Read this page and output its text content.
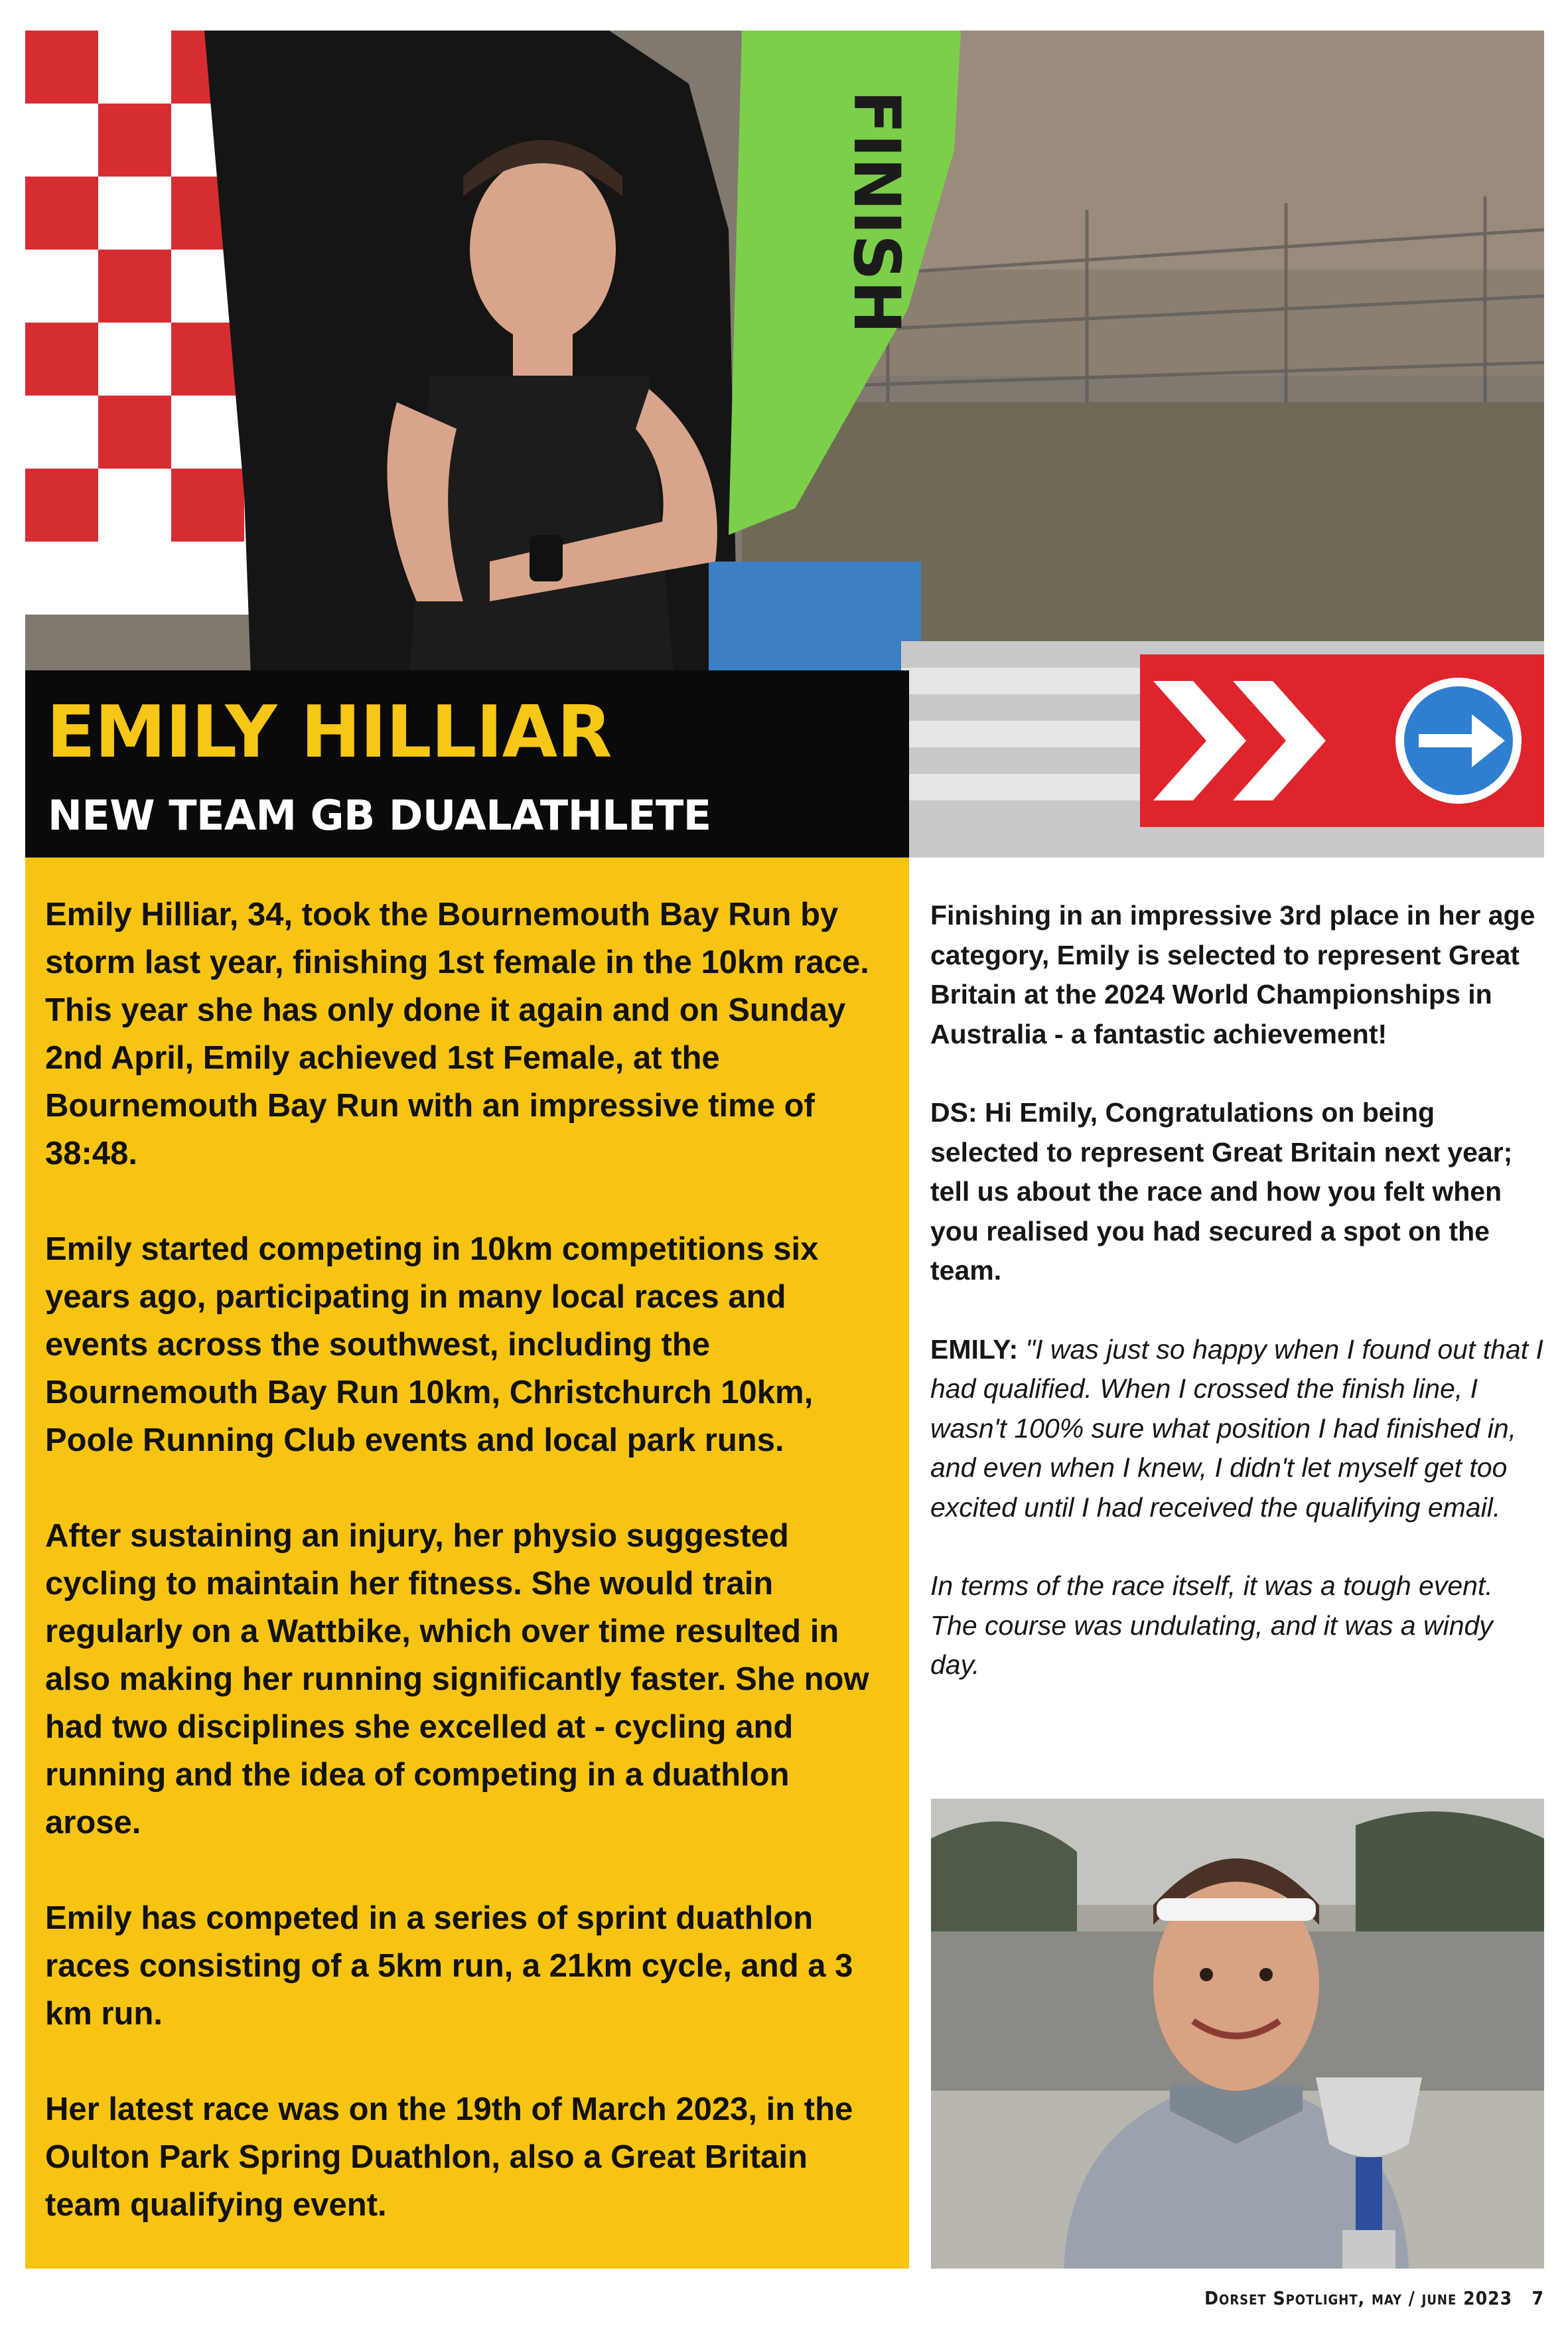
FINISH
EMILY HILLIAR
NEW TEAM GB DUALATHLETE

Emily Hilliar, 34, took the Bournemouth Bay Run by storm last year, finishing 1st female in the 10km race. This year she has only done it again and on Sunday 2nd April, Emily achieved 1st Female, at the Bournemouth Bay Run with an impressive time of 38:48.

Emily started competing in 10km competitions six years ago, participating in many local races and events across the southwest, including the Bournemouth Bay Run 10km, Christchurch 10km, Poole Running Club events and local park runs.

After sustaining an injury, her physio suggested cycling to maintain her fitness. She would train regularly on a Wattbike, which over time resulted in also making her running significantly faster. She now had two disciplines she excelled at - cycling and running and the idea of competing in a duathlon arose.

Emily has competed in a series of sprint duathlon races consisting of a 5km run, a 21km cycle, and a 3 km run.

Her latest race was on the 19th of March 2023, in the Oulton Park Spring Duathlon, also a Great Britain team qualifying event.

Finishing in an impressive 3rd place in her age category, Emily is selected to represent Great Britain at the 2024 World Championships in Australia - a fantastic achievement!

DS: Hi Emily, Congratulations on being selected to represent Great Britain next year; tell us about the race and how you felt when you realised you had secured a spot on the team.

EMILY: "I was just so happy when I found out that I had qualified. When I crossed the finish line, I wasn't 100% sure what position I had finished in, and even when I knew, I didn't let myself get too excited until I had received the qualifying email.

In terms of the race itself, it was a tough event. The course was undulating, and it was a windy day.

Dorset Spotlight, may / june 2023 7
